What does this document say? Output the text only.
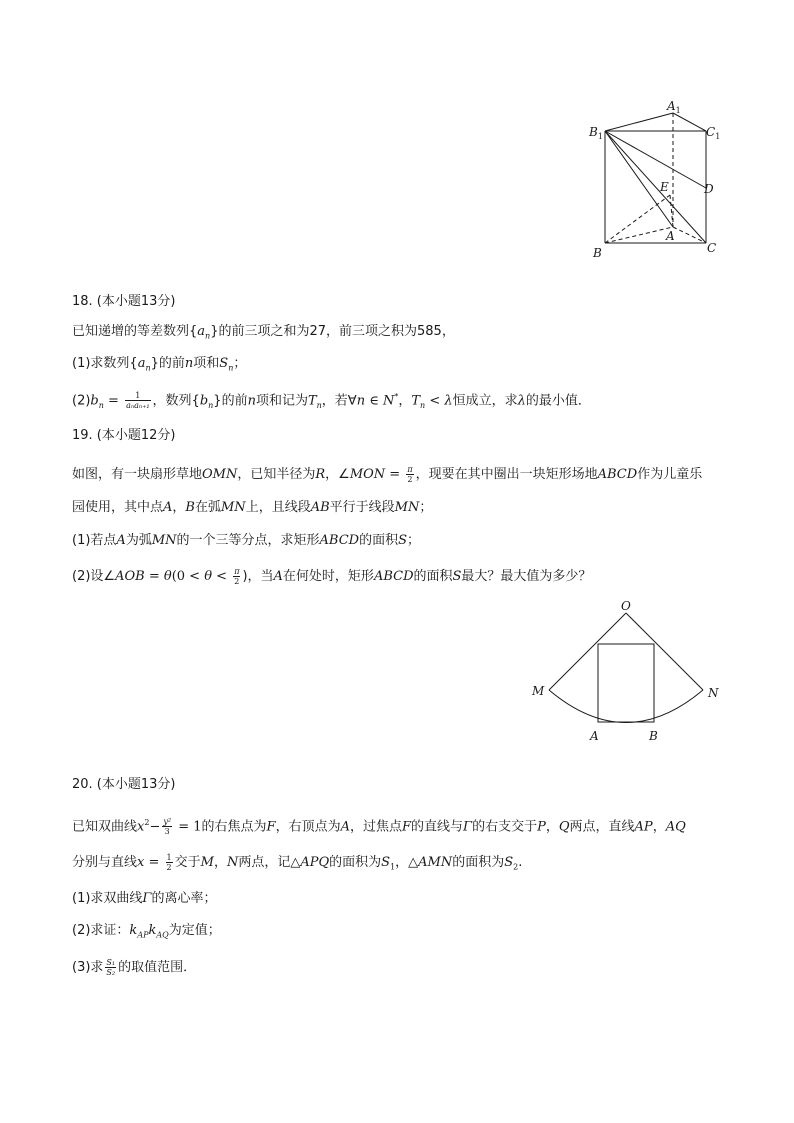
$A_1$
$B_1$	$C_1$
D
E
A
B	C
18. (本小题13分)
已知递增的等差数列$\{a_n\}$的前三项之和为27，前三项之积为585，
(1)求数列$\{a_n\}$的前n项和$S_n$；
$(2)b_n = \frac{1}{\text{aₙaₙ₊₁}}$ ，数列$\{b_n\}$的前n项和记为$T_n$，若∀n ∈ N*，$T_n < \lambda$恒成立，求λ的最小值．
19. (本小题12分)
如图，有一块扇形草地OMN，已知半径为R，∠MON = $\frac{\pi}{2}$ ，现要在其中圈出一块矩形场地ABCD作为儿童乐
园使用，其中点A，B在弧MN上，且线段AB平行于线段MN；
(1)若点A为弧MN的一个三等分点，求矩形ABCD的面积S；
(2)设∠AOB = $\theta(0 < \theta < \frac{\pi}{2}$ )，当A在何处时，矩形ABCD的面积S最大？最大值为多少？
O
M	N
A	B
20. (本小题13分)
已知双曲线$x^2- \frac{\text{y²}}{3} = 1$的右焦点为F，右顶点为A，过焦点F的直线与Γ的右支交于P，Q两点，直线AP，AQ
分别与直线$x = \frac{1}{2}$ 交于M，N两点，记△APQ的面积为$S_1$，△AMN的面积为$S_2$.
(1)求双曲线Γ的离心率；
(2)求证：$k_{AP}k_{AQ}$为定值；
(3)求 $\frac{\text{S₁}}{\text{S₂}}$ 的取值范围．
